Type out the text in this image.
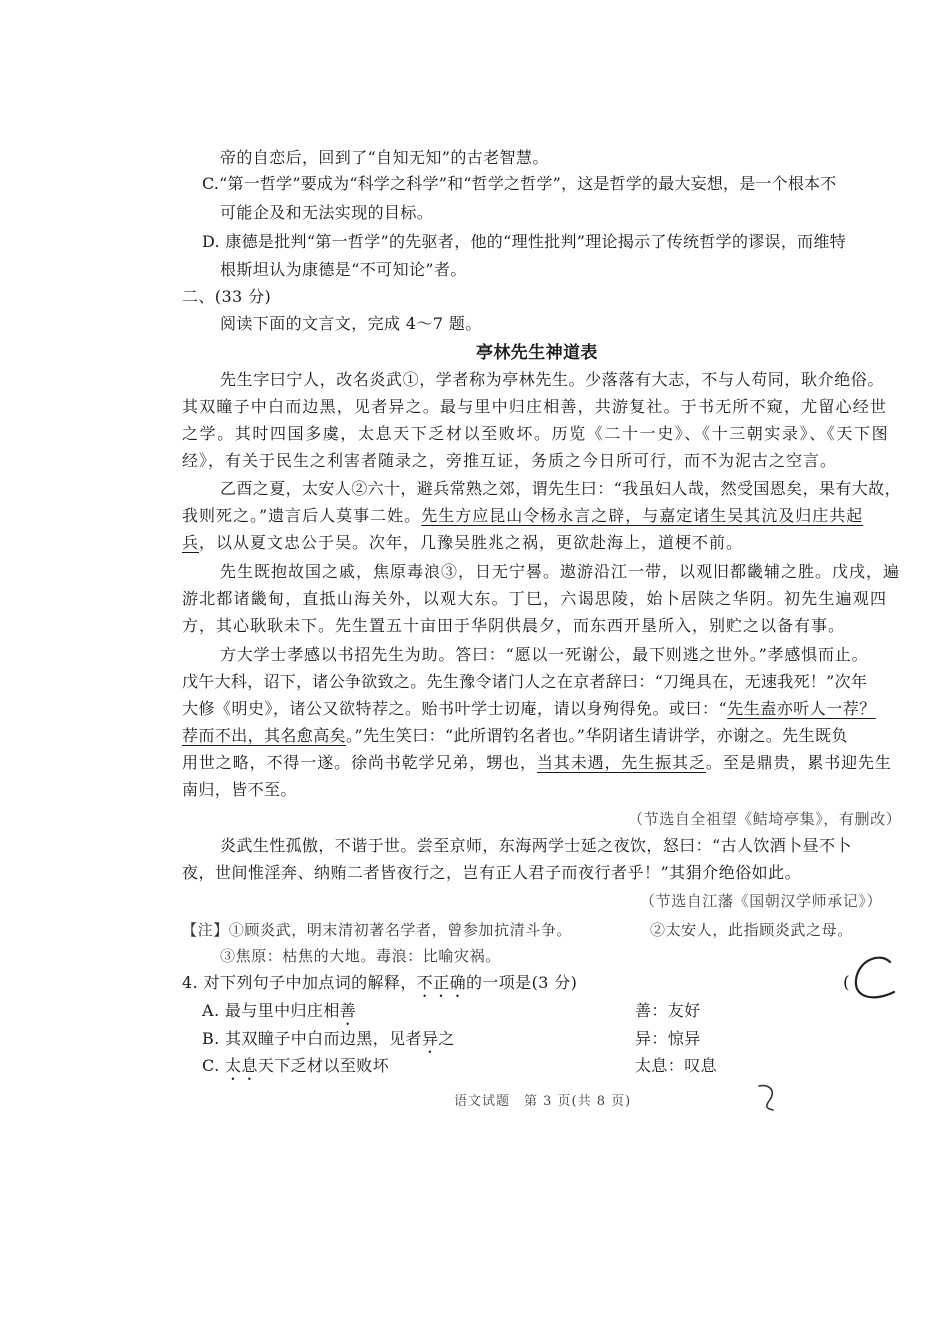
帝的自恋后，回到了“自知无知”的古老智慧。
C.“第一哲学”要成为“科学之科学”和“哲学之哲学”，这是哲学的最大妄想，是一个根本不
可能企及和无法实现的目标。
D. 康德是批判“第一哲学”的先驱者，他的“理性批判”理论揭示了传统哲学的谬误，而维特
根斯坦认为康德是“不可知论”者。
二、(33 分)
阅读下面的文言文，完成 4～7 题。
亭林先生神道表
先生字曰宁人，改名炎武①，学者称为亭林先生。少落落有大志，不与人苟同，耿介绝俗。
其双瞳子中白而边黑，见者异之。最与里中归庄相善，共游复社。于书无所不窥，尤留心经世
之学。其时四国多虞，太息天下乏材以至败坏。历览《二十一史》、《十三朝实录》、《天下图
经》，有关于民生之利害者随录之，旁推互证，务质之今日所可行，而不为泥古之空言。
乙酉之夏，太安人②六十，避兵常熟之郊，谓先生曰：“我虽妇人哉，然受国恩矣，果有大故，
我则死之。”遗言后人莫事二姓。先生方应昆山令杨永言之辟，与嘉定诸生吴其沆及归庄共起
兵，以从夏文忠公于吴。次年，几豫吴胜兆之祸，更欲赴海上，道梗不前。
先生既抱故国之戚，焦原毒浪③，日无宁晷。遨游沿江一带，以观旧都畿辅之胜。戊戌，遍
游北都诸畿甸，直抵山海关外，以观大东。丁巳，六谒思陵，始卜居陕之华阴。初先生遍观四
方，其心耿耿未下。先生置五十亩田于华阴供晨夕，而东西开垦所入，别贮之以备有事。
方大学士孝感以书招先生为助。答曰：“愿以一死谢公，最下则逃之世外。”孝感惧而止。
戊午大科，诏下，诸公争欲致之。先生豫令诸门人之在京者辞曰：“刀绳具在，无速我死！”次年
大修《明史》，诸公又欲特荐之。贻书叶学士讱庵，请以身殉得免。或曰：“先生盍亦听人一荐？
荐而不出，其名愈高矣。”先生笑曰：“此所谓钓名者也。”华阴诸生请讲学，亦谢之。先生既负
用世之略，不得一遂。徐尚书乾学兄弟，甥也，当其未遇，先生振其乏。至是鼎贵，累书迎先生
南归，皆不至。
（节选自全祖望《鲒埼亭集》，有删改）
炎武生性孤傲，不谐于世。尝至京师，东海两学士延之夜饮，怒曰：“古人饮酒卜昼不卜
夜，世间惟淫奔、纳贿二者皆夜行之，岂有正人君子而夜行者乎！”其狷介绝俗如此。
（节选自江藩《国朝汉学师承记》）
【注】①顾炎武，明末清初著名学者，曾参加抗清斗争。	②太安人，此指顾炎武之母。
③焦原：枯焦的大地。毒浪：比喻灾祸。
4. 对下列句子中加点词的解释，不正确的一项是(3 分)	(
A. 最与里中归庄相善	善：友好
B. 其双瞳子中白而边黑，见者异之	异：惊异
C. 太息天下乏材以至败坏	太息：叹息
语文试题　第 3 页(共 8 页)
